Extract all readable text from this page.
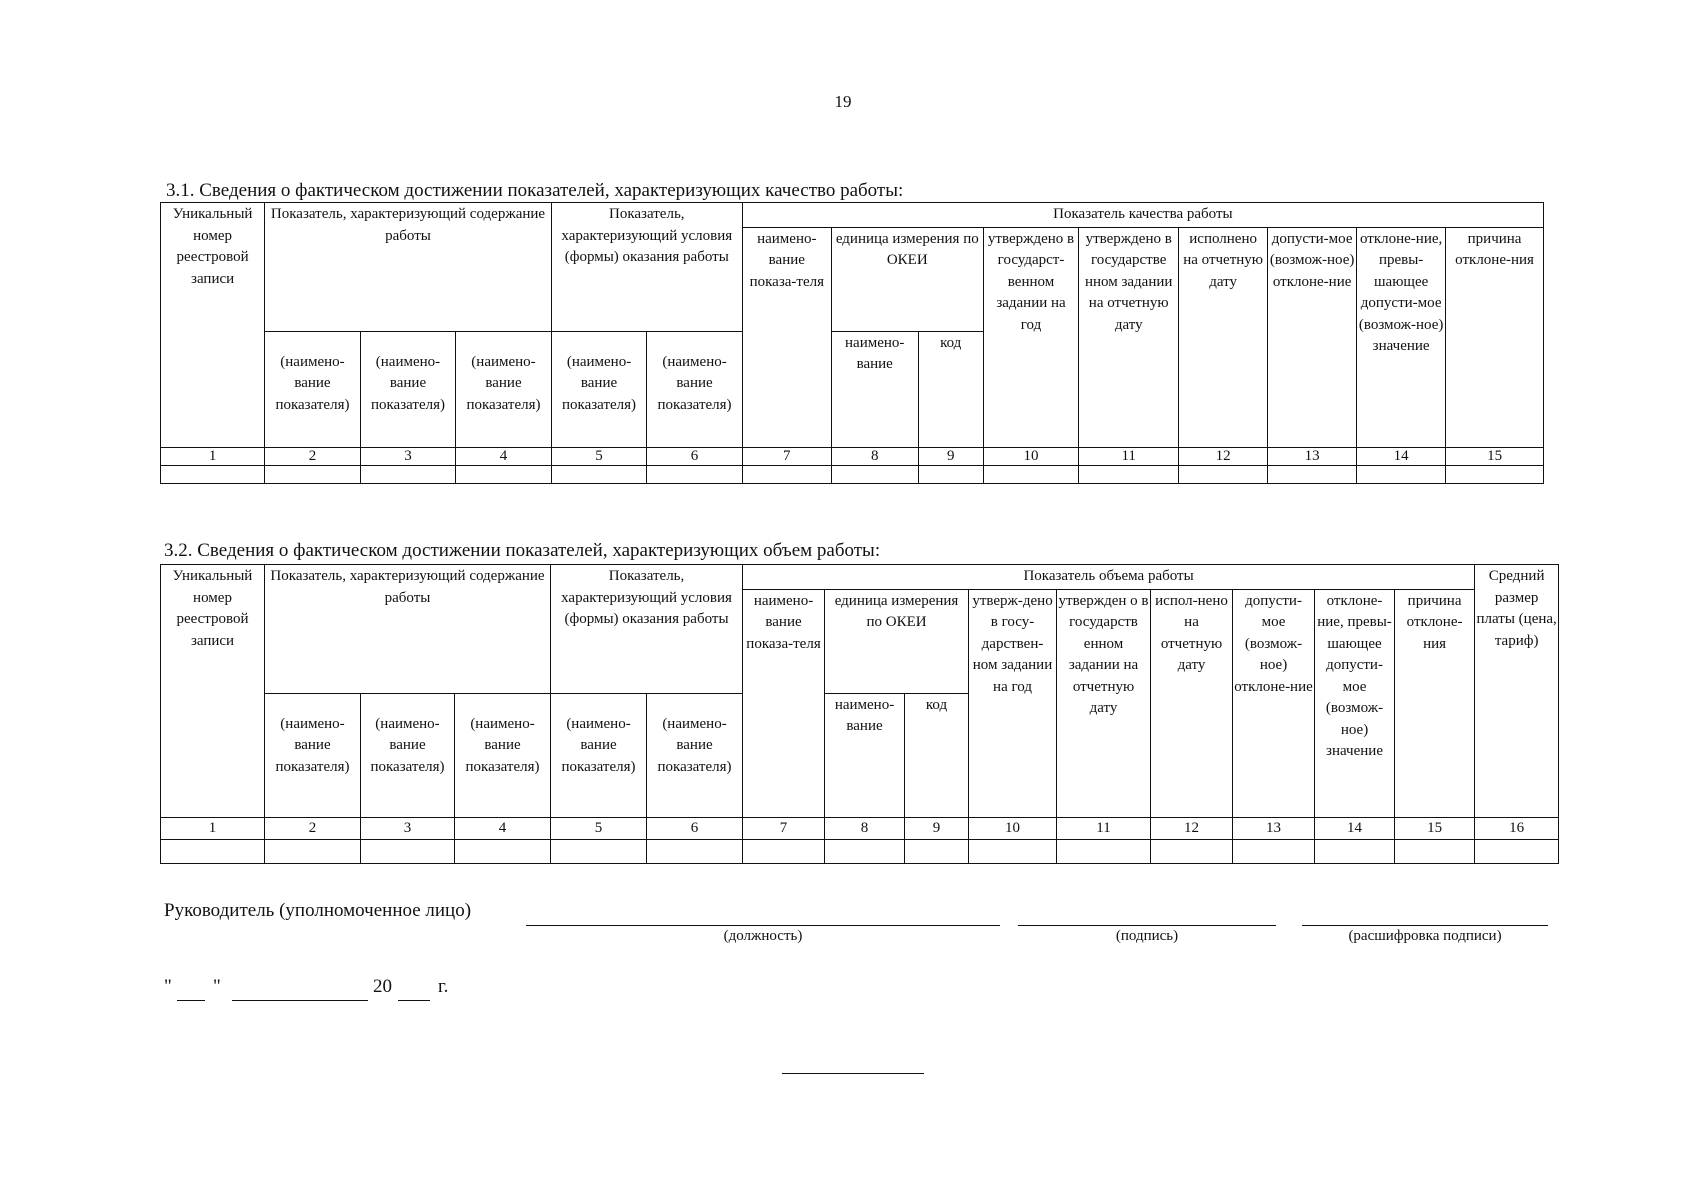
19
3.1. Сведения о фактическом достижении показателей, характеризующих качество работы:
Уникальный номер реестровой записи	Показатель, характеризующий содержание работы			Показатель, характеризующий условия (формы) оказания работы		Показатель качества работы								
						наимено-вание показа-теля	единица измерения по ОКЕИ		утверждено в государст-венном задании на год	утверждено в государстве нном задании на отчетную дату	исполнено на отчетную дату	допусти-мое (возмож-ное) отклоне-ние	отклоне-ние, превы-шающее допусти-мое (возмож-ное) значение	причина отклоне-ния
	(наимено-вание показателя)	(наимено-вание показателя)	(наимено-вание показателя)	(наимено-вание показателя)	(наимено-вание показателя)		наимено-вание	код						
1	2	3	4	5	6	7	8	9	10	11	12	13	14	15

3.2. Сведения о фактическом достижении показателей, характеризующих объем работы:
Уникальный номер реестровой записи	Показатель, характеризующий содержание работы			Показатель, характеризующий условия (формы) оказания работы		Показатель объема работы									Средний размер платы (цена, тариф)
						наимено-вание показа-теля	единица измерения по ОКЕИ		утверж-дено в госу-дарствен-ном задании на год	утвержден о в государств енном задании на отчетную дату	испол-нено на отчетную дату	допусти-мое (возмож-ное) отклоне-ние	отклоне-ние, превы-шающее допусти-мое (возмож-ное) значение	причина отклоне-ния	
	(наимено-вание показателя)	(наимено-вание показателя)	(наимено-вание показателя)	(наимено-вание показателя)	(наимено-вание показателя)		наимено-вание	код							
1	2	3	4	5	6	7	8	9	10	11	12	13	14	15	16

Руководитель (уполномоченное лицо)
(должность)	(подпись)	(расшифровка подписи)
" "	20 г.
